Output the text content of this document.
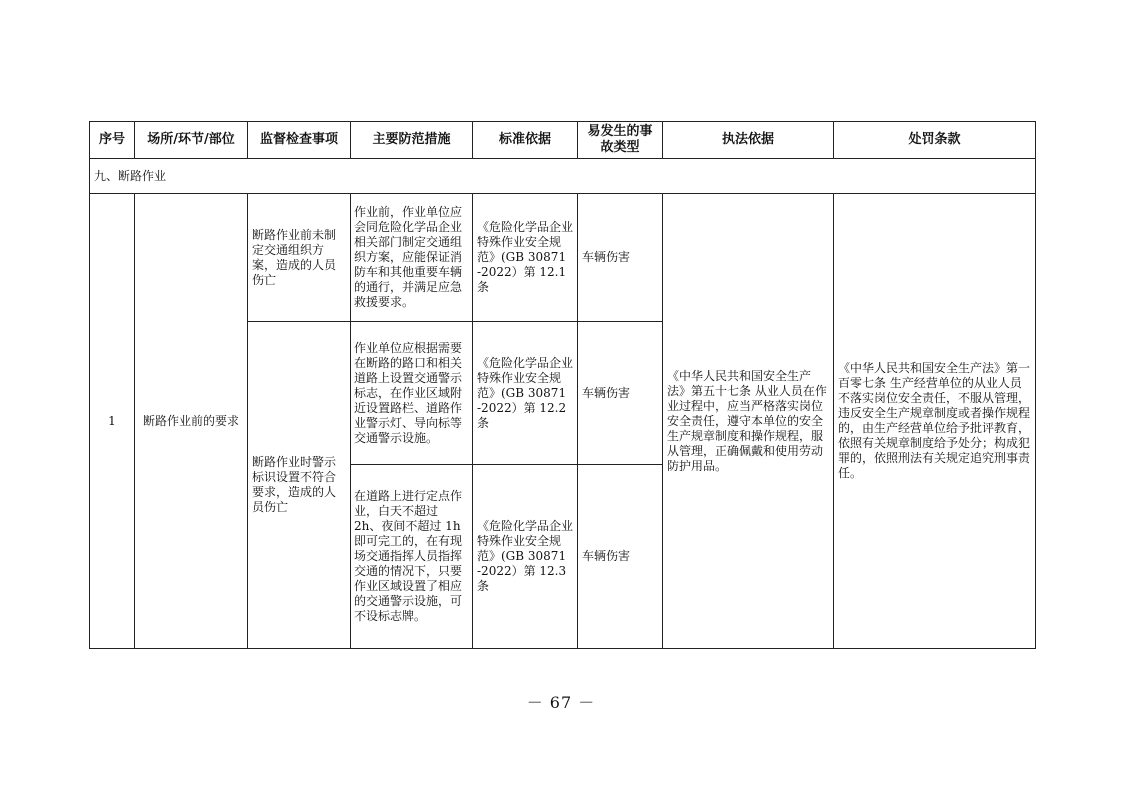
序号	场所/环节/部位	监督检查事项	主要防范措施	标准依据	易发生的事故类型	执法依据	处罚条款
九、断路作业							
1	断路作业前的要求	断路作业前未制定交通组织方案，造成的人员伤亡	作业前，作业单位应会同危险化学品企业相关部门制定交通组织方案，应能保证消防车和其他重要车辆的通行，并满足应急救援要求。	《危险化学品企业特殊作业安全规范》(GB 30871 -2022）第 12.1 条	车辆伤害	《中华人民共和国安全生产法》第五十七条 从业人员在作业过程中，应当严格落实岗位安全责任，遵守本单位的安全生产规章制度和操作规程，服从管理，正确佩戴和使用劳动防护用品。	《中华人民共和国安全生产法》第一百零七条 生产经营单位的从业人员不落实岗位安全责任，不服从管理，违反安全生产规章制度或者操作规程的，由生产经营单位给予批评教育，依照有关规章制度给予处分；构成犯罪的，依照刑法有关规定追究刑事责任。
		断路作业时警示标识设置不符合要求，造成的人员伤亡	作业单位应根据需要在断路的路口和相关道路上设置交通警示标志，在作业区域附近设置路栏、道路作业警示灯、导向标等交通警示设施。	《危险化学品企业特殊作业安全规范》(GB 30871 -2022）第 12.2 条	车辆伤害		
			在道路上进行定点作业，白天不超过 2h、夜间不超过 1h 即可完工的，在有现场交通指挥人员指挥交通的情况下，只要作业区域设置了相应的交通警示设施，可不设标志牌。	《危险化学品企业特殊作业安全规范》(GB 30871 -2022）第 12.3 条	车辆伤害		
－ 67 －
